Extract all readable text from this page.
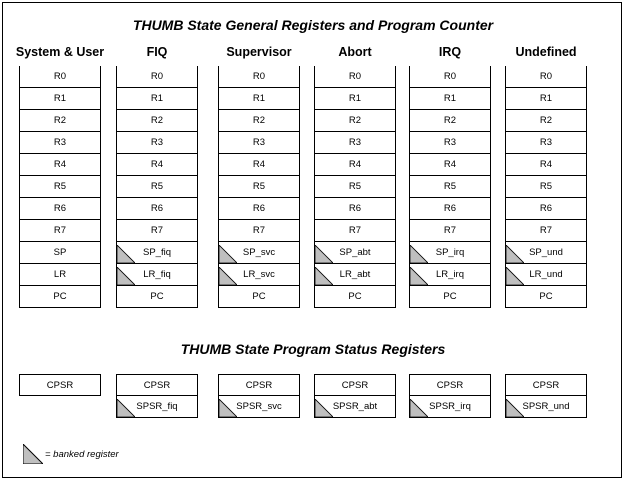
THUMB State General Registers and Program Counter
System & User
R0
R1
R2
R3
R4
R5
R6
R7
SP
LR
PC
FIQ
R0
R1
R2
R3
R4
R5
R6
R7
SP_fiq
LR_fiq
PC
Supervisor
R0
R1
R2
R3
R4
R5
R6
R7
SP_svc
LR_svc
PC
Abort
R0
R1
R2
R3
R4
R5
R6
R7
SP_abt
LR_abt
PC
IRQ
R0
R1
R2
R3
R4
R5
R6
R7
SP_irq
LR_irq
PC
Undefined
R0
R1
R2
R3
R4
R5
R6
R7
SP_und
LR_und
PC
THUMB State Program Status Registers
CPSR	CPSR
SPSR_fiq
CPSR
SPSR_svc
CPSR
SPSR_abt
CPSR
SPSR_irq
CPSR
SPSR_und
= banked register
